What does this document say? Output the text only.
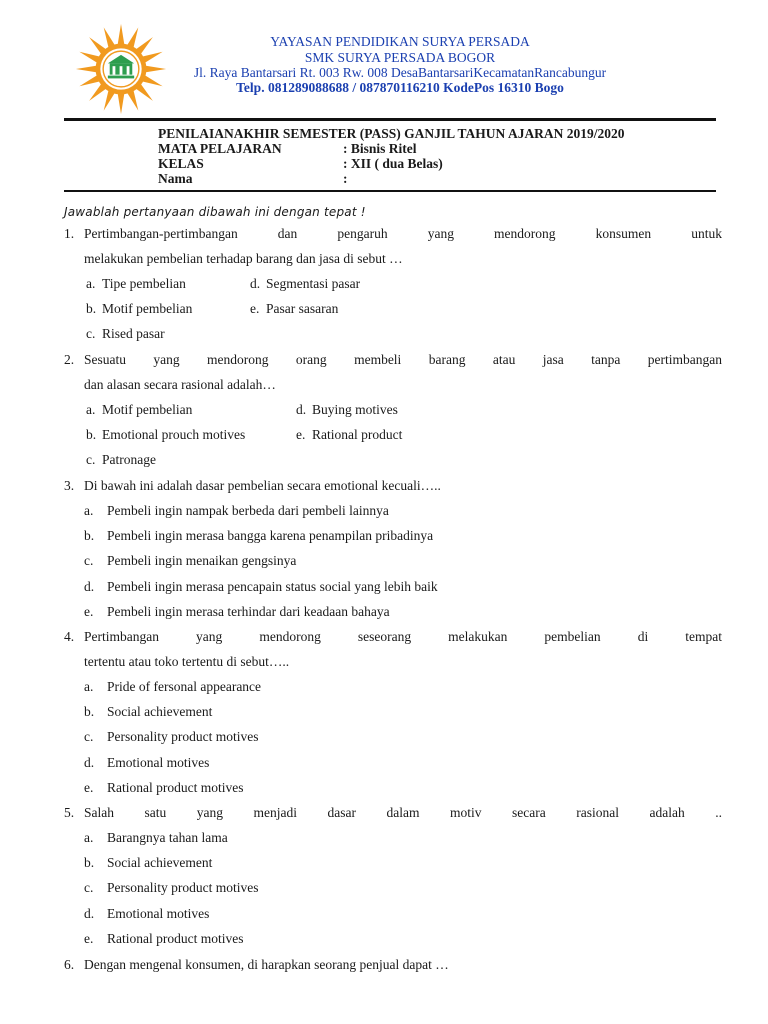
YAYASAN PENDIDIKAN SURYA PERSADA
SMK SURYA PERSADA BOGOR
Jl. Raya Bantarsari Rt. 003 Rw. 008 DesaBantarsariKecamatanRancabungur
Telp. 081289088688 / 087870116210 KodePos 16310 Bogo
PENILAIANAKHIR SEMESTER (PASS) GANJIL TAHUN AJARAN 2019/2020
MATA PELAJARAN	: Bisnis Ritel
KELAS	: XII ( dua Belas)
Nama	:
Jawablah pertanyaan dibawah ini dengan tepat !
1. Pertimbangan-pertimbangan dan pengaruh yang mendorong konsumen untuk
melakukan pembelian terhadap barang dan jasa di sebut …
a. Tipe pembelian	d. Segmentasi pasar
b. Motif pembelian	e. Pasar sasaran
c. Rised pasar
2. Sesuatu yang mendorong orang membeli barang atau jasa tanpa pertimbangan
dan alasan secara rasional adalah…
a. Motif pembelian	d. Buying motives
b. Emotional prouch motives	e. Rational product
c. Patronage
3. Di bawah ini adalah dasar pembelian secara emotional kecuali…..
a. Pembeli ingin nampak berbeda dari pembeli lainnya
b. Pembeli ingin merasa bangga karena penampilan pribadinya
c. Pembeli ingin menaikan gengsinya
d. Pembeli ingin merasa pencapain status social yang lebih baik
e. Pembeli ingin merasa terhindar dari keadaan bahaya
4. Pertimbangan yang mendorong seseorang melakukan pembelian di tempat
tertentu atau toko tertentu di sebut…..
a. Pride of fersonal appearance
b. Social achievement
c. Personality product motives
d. Emotional motives
e. Rational product motives
5. Salah satu yang menjadi dasar dalam motiv secara rasional adalah ..
a. Barangnya tahan lama
b. Social achievement
c. Personality product motives
d. Emotional motives
e. Rational product motives
6. Dengan mengenal konsumen, di harapkan seorang penjual dapat …
